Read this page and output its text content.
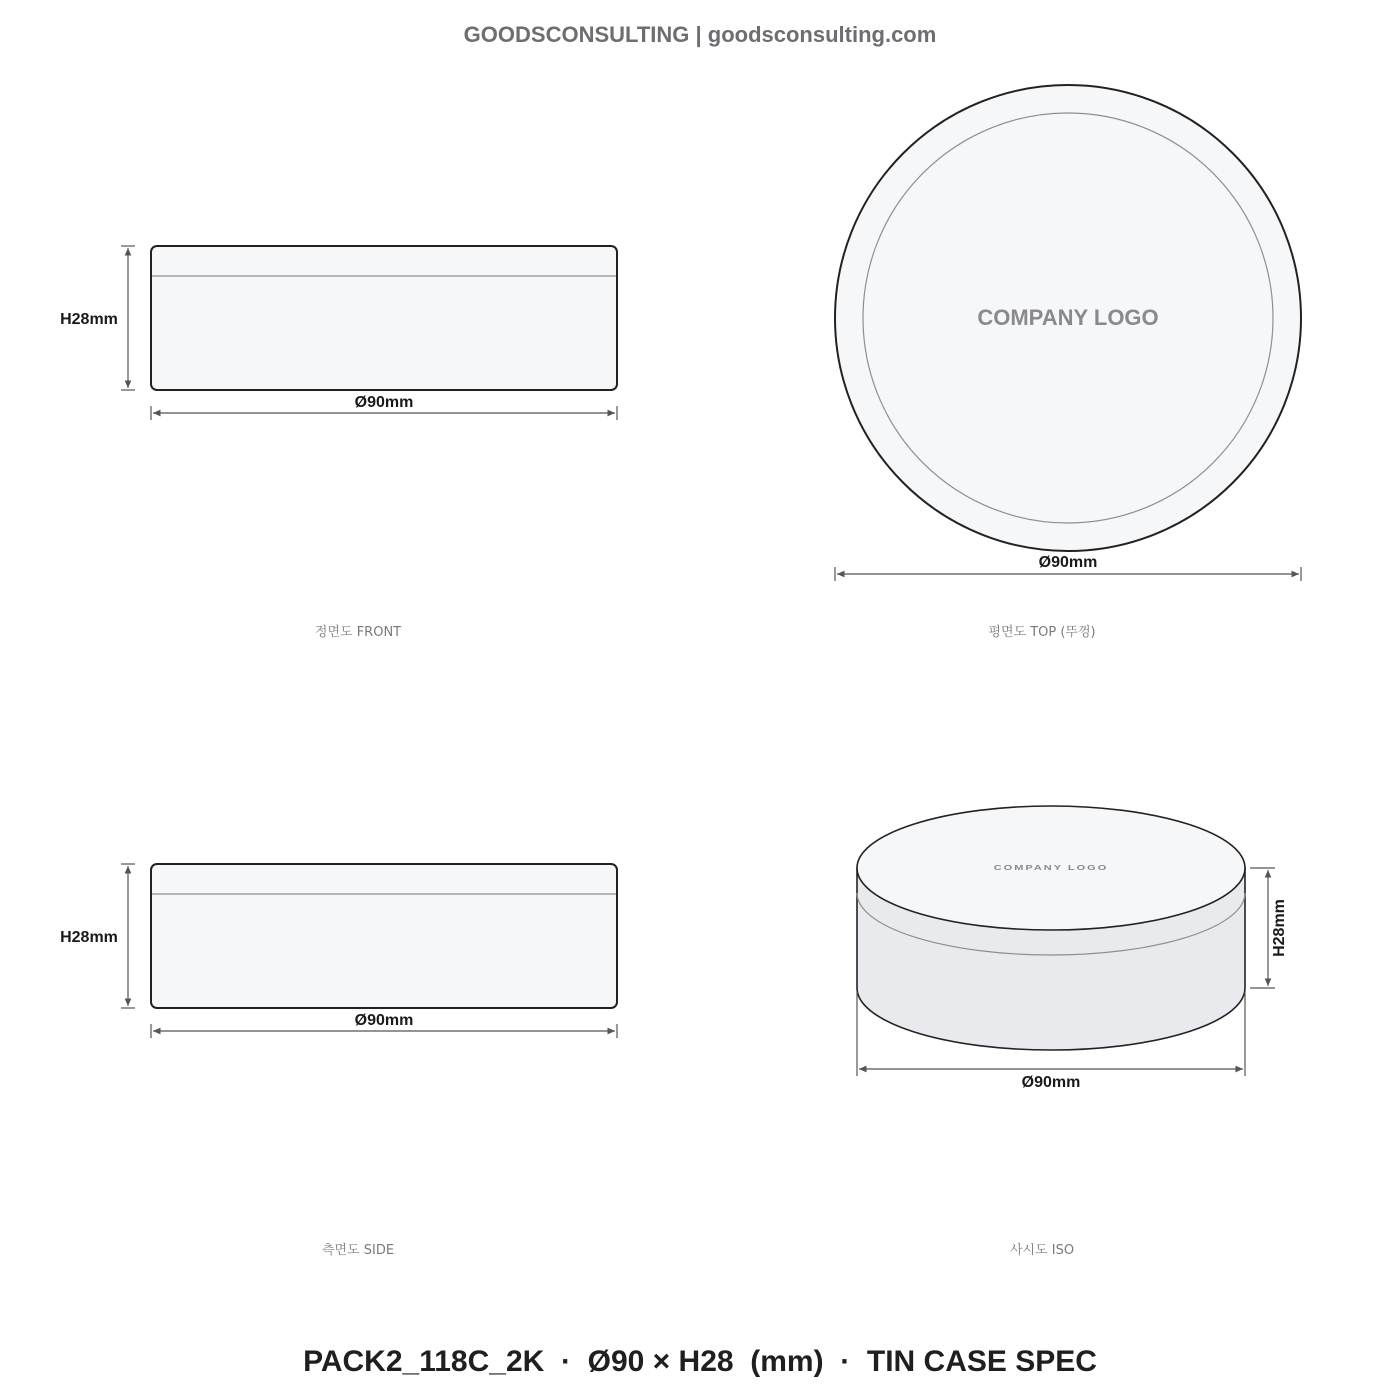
GOODSCONSULTING | goodsconsulting.com
H28mm
Ø90mm
정면도 FRONT
COMPANY LOGO
Ø90mm
평면도 TOP (뚜껑)
H28mm
Ø90mm
측면도 SIDE
COMPANY LOGO
H28mm
Ø90mm
사시도 ISO
PACK2_118C_2K  ·  Ø90 × H28  (mm)  ·  TIN CASE SPEC
